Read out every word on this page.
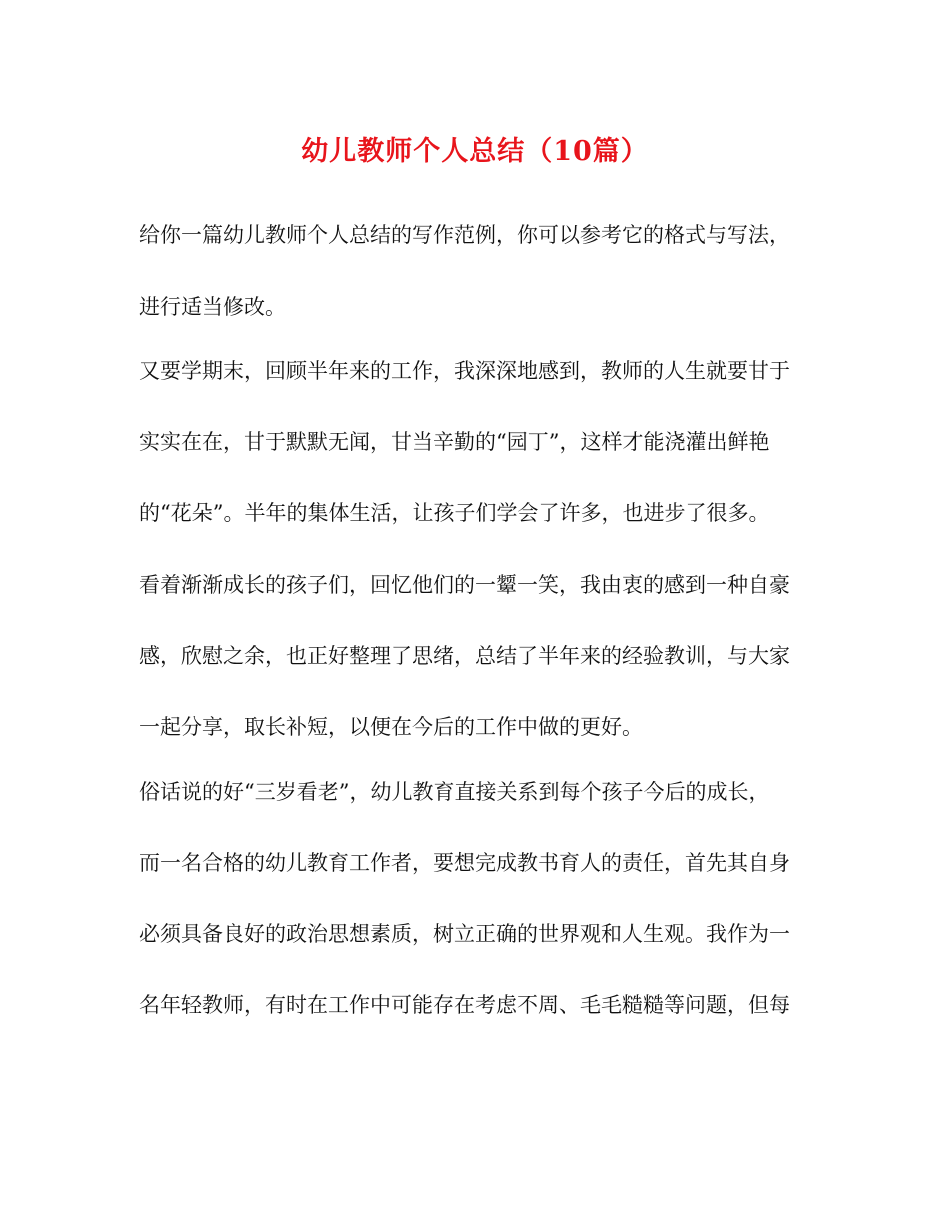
幼儿教师个人总结（10篇）
给你一篇幼儿教师个人总结的写作范例，你可以参考它的格式与写法，
进行适当修改。
又要学期末，回顾半年来的工作，我深深地感到，教师的人生就要甘于
实实在在，甘于默默无闻，甘当辛勤的“园丁”，这样才能浇灌出鲜艳
的“花朵”。半年的集体生活，让孩子们学会了许多，也进步了很多。
看着渐渐成长的孩子们，回忆他们的一颦一笑，我由衷的感到一种自豪
感，欣慰之余，也正好整理了思绪，总结了半年来的经验教训，与大家
一起分享，取长补短，以便在今后的工作中做的更好。
俗话说的好“三岁看老”，幼儿教育直接关系到每个孩子今后的成长，
而一名合格的幼儿教育工作者，要想完成教书育人的责任，首先其自身
必须具备良好的政治思想素质，树立正确的世界观和人生观。我作为一
名年轻教师，有时在工作中可能存在考虑不周、毛毛糙糙等问题，但每
